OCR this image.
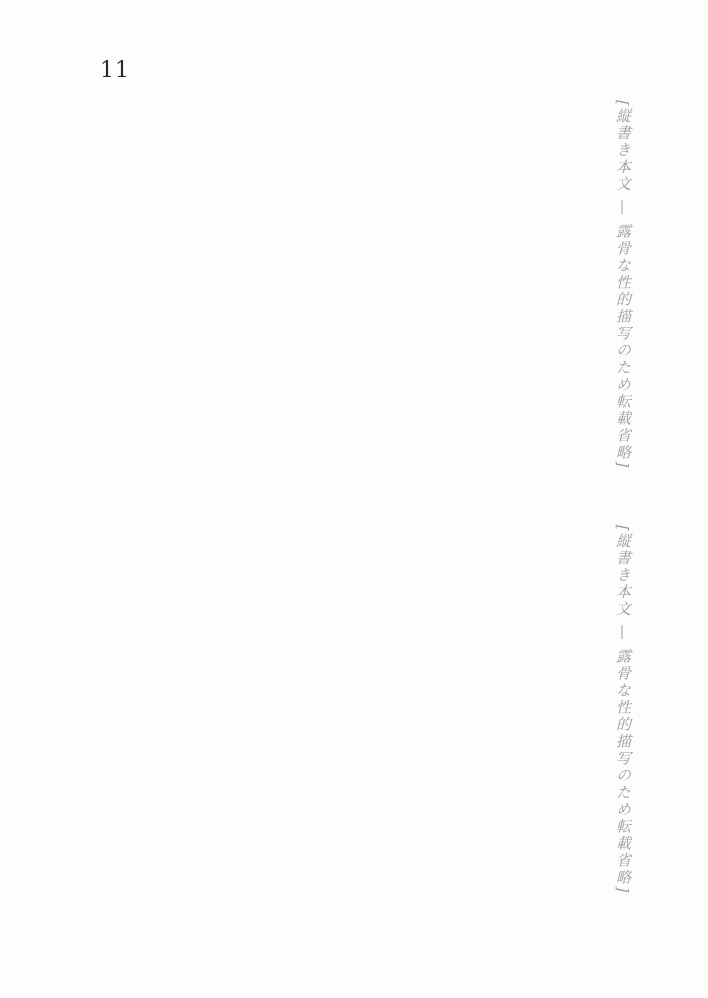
11
[縦書き本文 — 露骨な性的描写のため転載省略]
[縦書き本文 — 露骨な性的描写のため転載省略]
